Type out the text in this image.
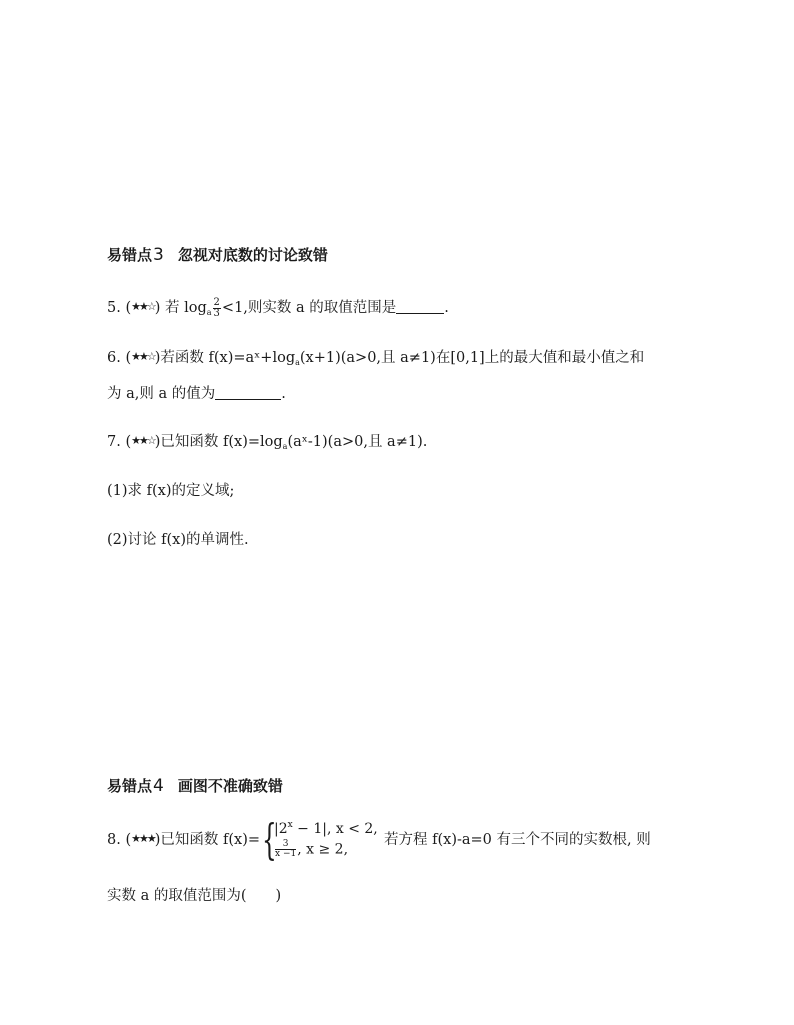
易错点3 忽视对底数的讨论致错
5. (★★☆) 若 $\log_a \frac{2}{3} <1$,则实数 a 的取值范围是	.
6. (★★☆)若函数 $f(x)=aˣ+\log_a(x+1)(a>0$,且 a≠1)在[0,1]上的最大值和最小值之和
为 a,则 a 的值为	.
7. (★★☆)已知函数 $f(x)=\log_a(aˣ-1)(a>0$,且 a≠1).
(1)求 f(x)的定义域;
(2)讨论 f(x)的单调性.
易错点4 画图不准确致错
8. (★★★)已知函数 f(x)= {
$|2^x - 1|$, x < 2,
$\frac{3}{x -1}$ , x ≥ 2,
若方程 f(x)-a=0 有三个不同的实数根, 则
实数 a 的取值范围为(　　)
